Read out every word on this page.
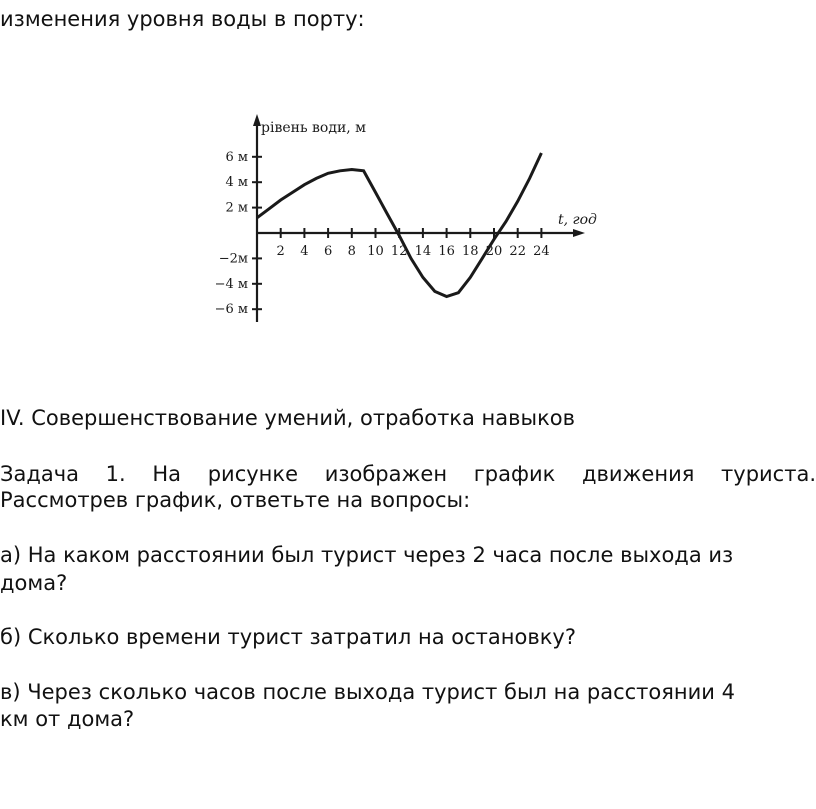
изменения уровня воды в порту:
6 м
4 м
2 м
−2м
−4 м
−6 м
2 4 6 8 10 12 14 16 18 20 22 24
рівень води, м
t, год
IV. Совершенствование умений, отработка навыков
Задача 1. На рисунке изображен график движения туриста.
Рассмотрев график, ответьте на вопросы:
а) На каком расстоянии был турист через 2 часа после выхода из
дома?
б) Сколько времени турист затратил на остановку?
в) Через сколько часов после выхода турист был на расстоянии 4
км от дома?
